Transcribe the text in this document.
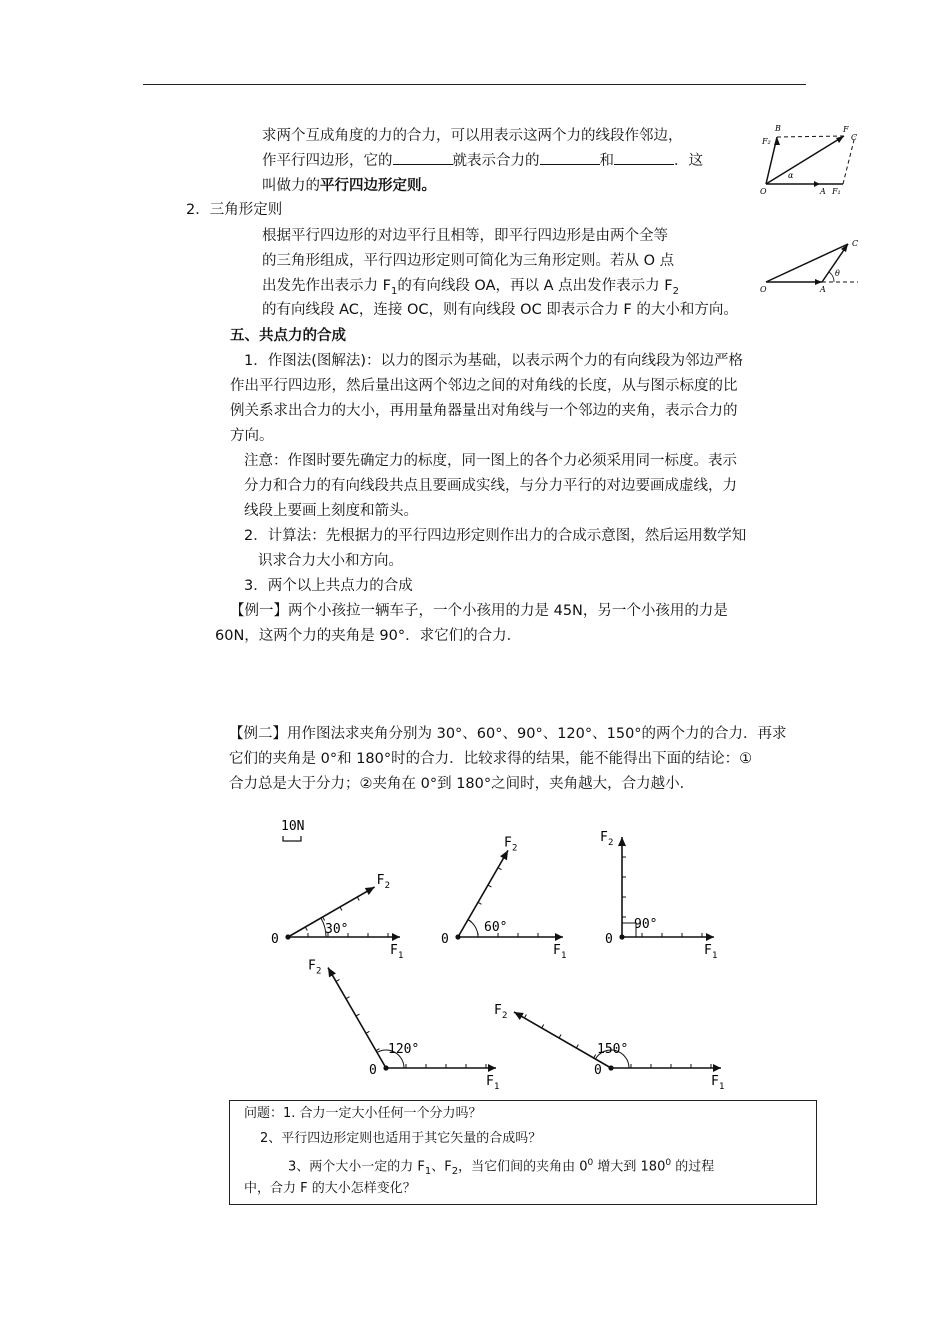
求两个互成角度的力的合力，可以用表示这两个力的线段作邻边，
作平行四边形，它的	就表示合力的	和	．这
叫做力的平行四边形定则。
B
F₂
F
C
O
α
A F₁
2．三角形定则
根据平行四边形的对边平行且相等，即平行四边形是由两个全等
的三角形组成，平行四边形定则可简化为三角形定则。若从 O 点
出发先作出表示力 $F_1$的有向线段 OA，再以 A 点出发作表示力 $F_2$
的有向线段 AC，连接 OC，则有向线段 OC 即表示合力 F 的大小和方向。
C
O
θ
A
五、共点力的合成
1．作图法(图解法)：以力的图示为基础，以表示两个力的有向线段为邻边严格
作出平行四边形，然后量出这两个邻边之间的对角线的长度，从与图示标度的比
例关系求出合力的大小，再用量角器量出对角线与一个邻边的夹角，表示合力的
方向。
注意：作图时要先确定力的标度，同一图上的各个力必须采用同一标度。表示
分力和合力的有向线段共点且要画成实线，与分力平行的对边要画成虚线，力
线段上要画上刻度和箭头。
2．计算法：先根据力的平行四边形定则作出力的合成示意图，然后运用数学知
识求合力大小和方向。
3．两个以上共点力的合成
【例一】两个小孩拉一辆车子，一个小孩用的力是 45N，另一个小孩用的力是
60N，这两个力的夹角是 90°．求它们的合力．
【例二】用作图法求夹角分别为 30°、60°、90°、120°、150°的两个力的合力．再求
它们的夹角是 0°和 180°时的合力．比较求得的结果，能不能得出下面的结论：①
合力总是大于分力；②夹角在 0°到 180°之间时，夹角越大，合力越小．
10N
0
F 1
F 2
30°
0
F 1
F 2
60°
0
F 1
F 2
90°
0
F 1
F 2
120°
0
F 1
F 2
150°
问题：1. 合力一定大小任何一个分力吗？
2、平行四边形定则也适用于其它矢量的合成吗？
3、两个大小一定的力 $F_1$、$F_2$，当它们间的夹角由 $0^0$ 增大到 $180^0$ 的过程
中，合力 F 的大小怎样变化？
